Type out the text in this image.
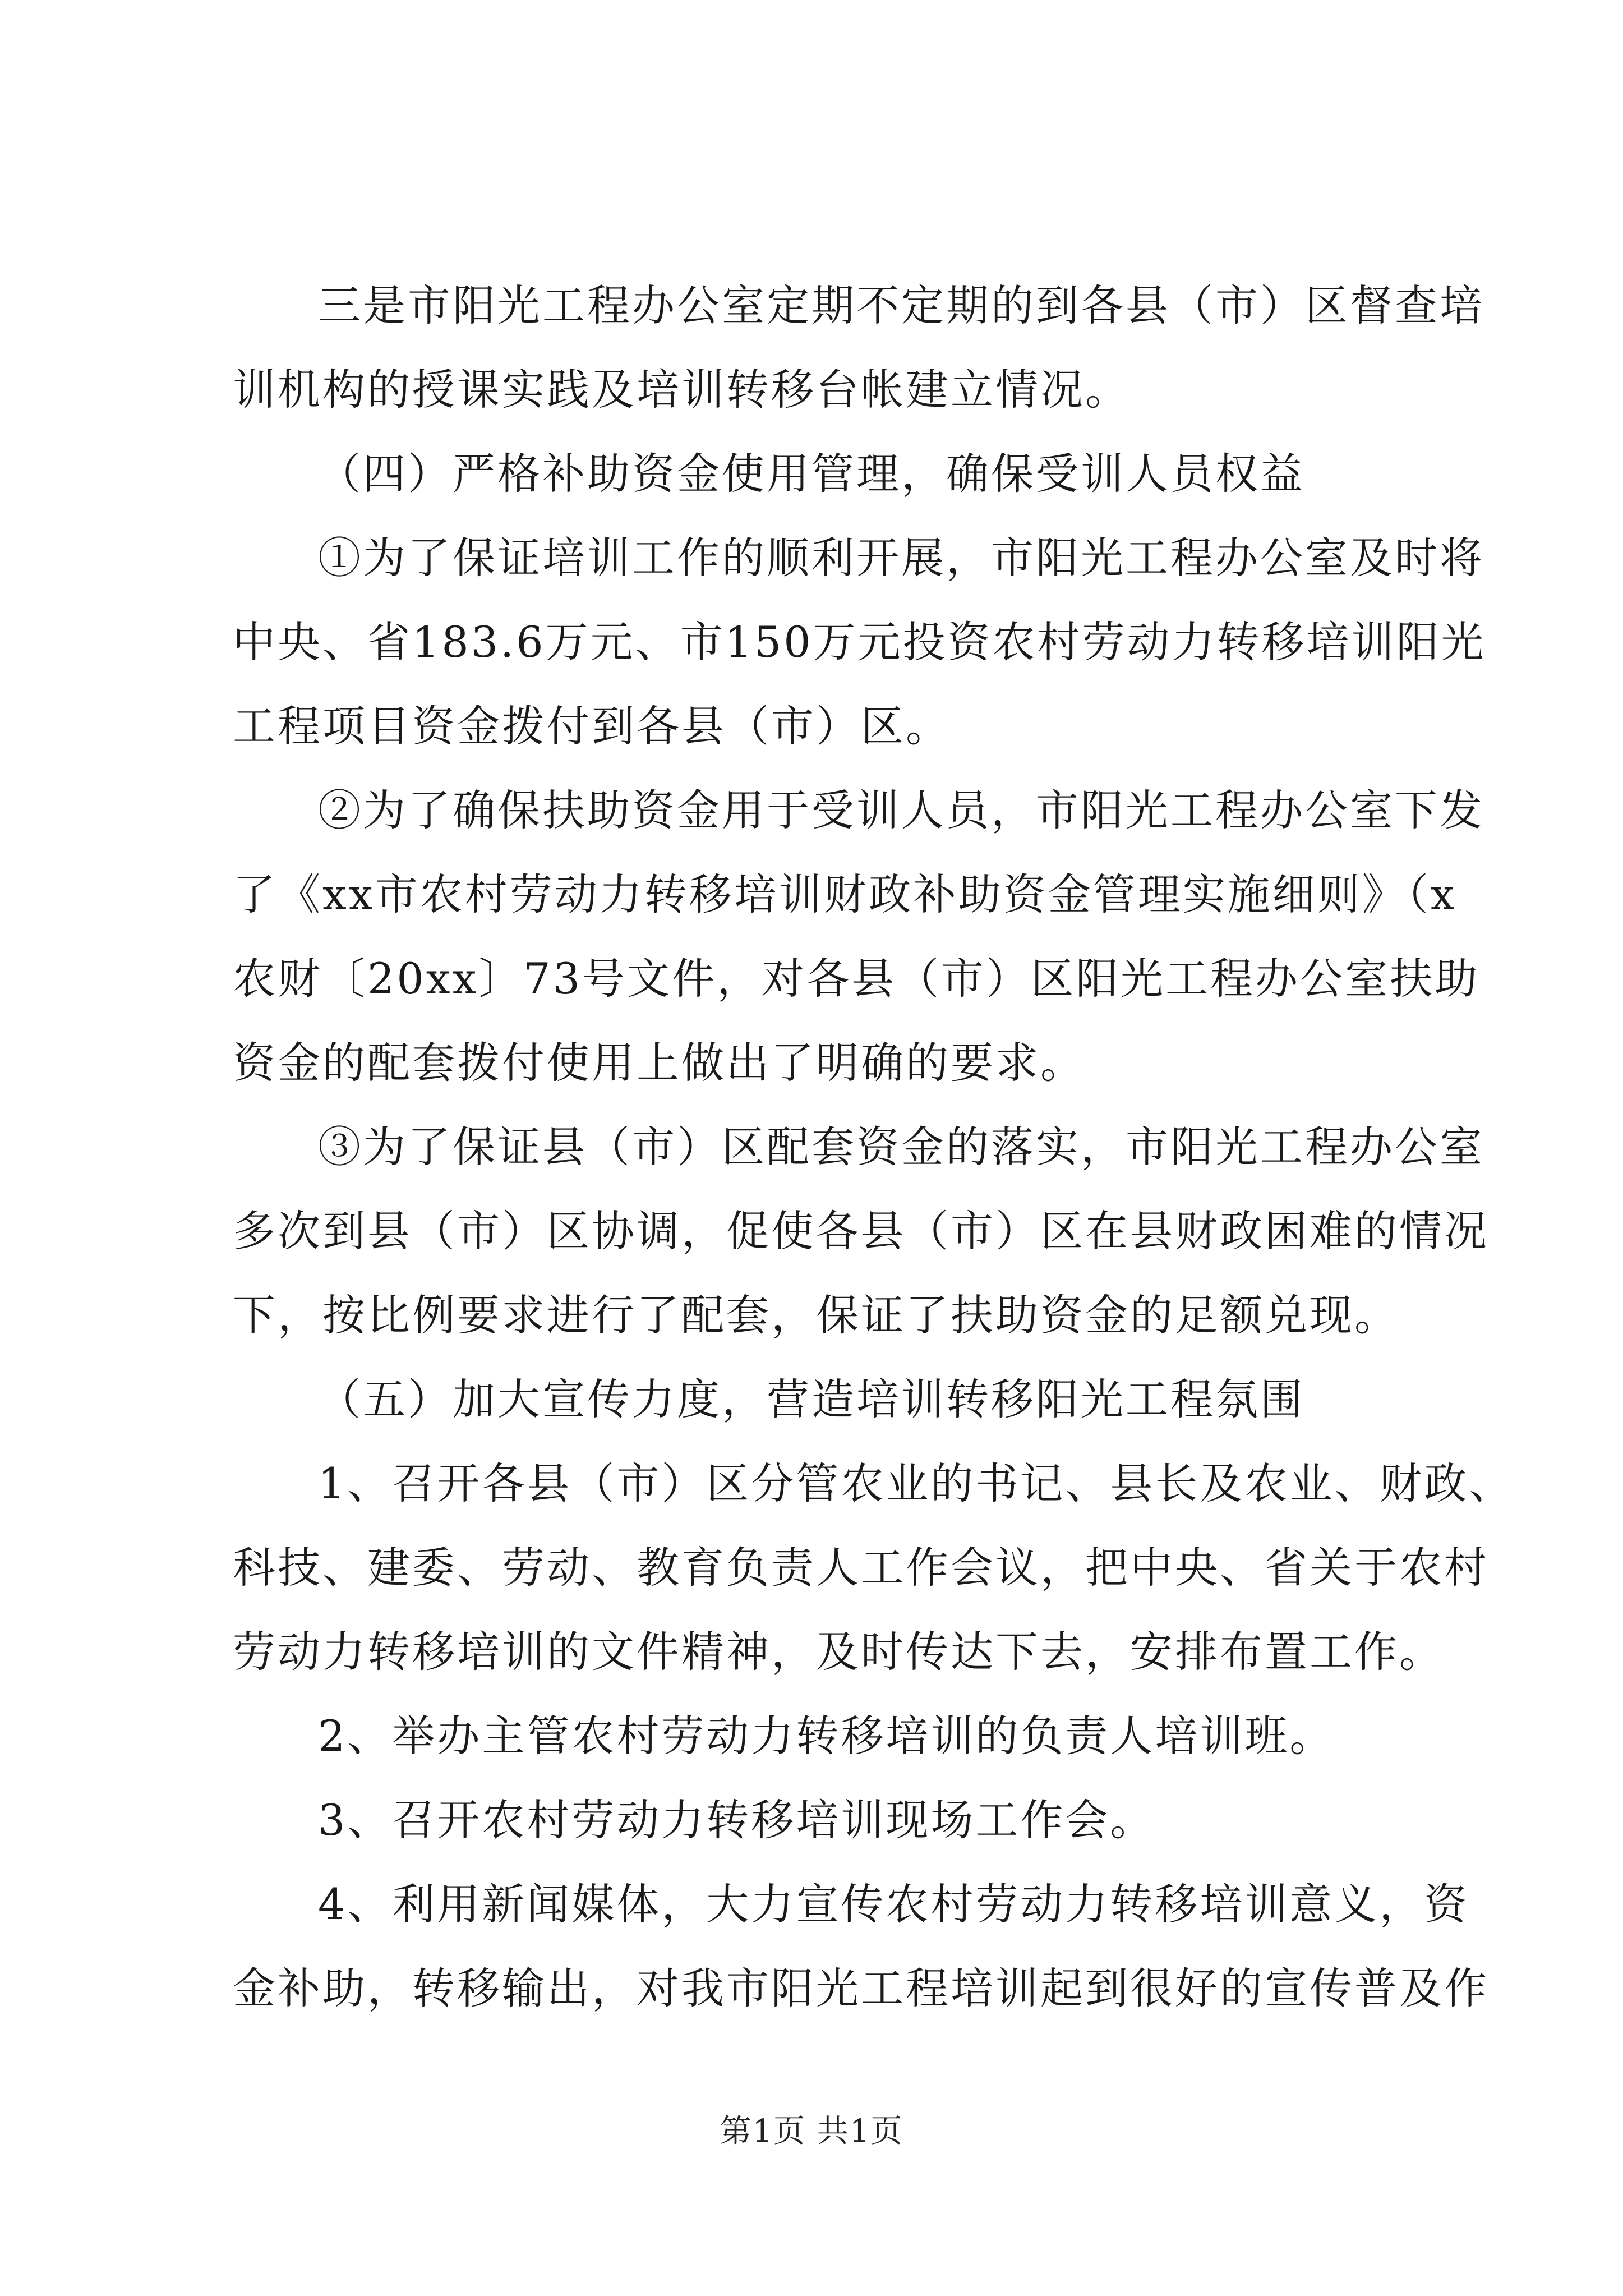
三是市阳光工程办公室定期不定期的到各县（市）区督查培
训机构的授课实践及培训转移台帐建立情况。
（四）严格补助资金使用管理，确保受训人员权益
①为了保证培训工作的顺利开展，市阳光工程办公室及时将
中央、省183.6万元、市150万元投资农村劳动力转移培训阳光
工程项目资金拨付到各县（市）区。
②为了确保扶助资金用于受训人员，市阳光工程办公室下发
了《xx市农村劳动力转移培训财政补助资金管理实施细则》（x
农财〔20xx〕73号文件，对各县（市）区阳光工程办公室扶助
资金的配套拨付使用上做出了明确的要求。
③为了保证县（市）区配套资金的落实，市阳光工程办公室
多次到县（市）区协调，促使各县（市）区在县财政困难的情况
下，按比例要求进行了配套，保证了扶助资金的足额兑现。
（五）加大宣传力度，营造培训转移阳光工程氛围
1、召开各县（市）区分管农业的书记、县长及农业、财政、
科技、建委、劳动、教育负责人工作会议，把中央、省关于农村
劳动力转移培训的文件精神，及时传达下去，安排布置工作。
2、举办主管农村劳动力转移培训的负责人培训班。
3、召开农村劳动力转移培训现场工作会。
4、利用新闻媒体，大力宣传农村劳动力转移培训意义，资
金补助，转移输出，对我市阳光工程培训起到很好的宣传普及作
第1页 共1页
